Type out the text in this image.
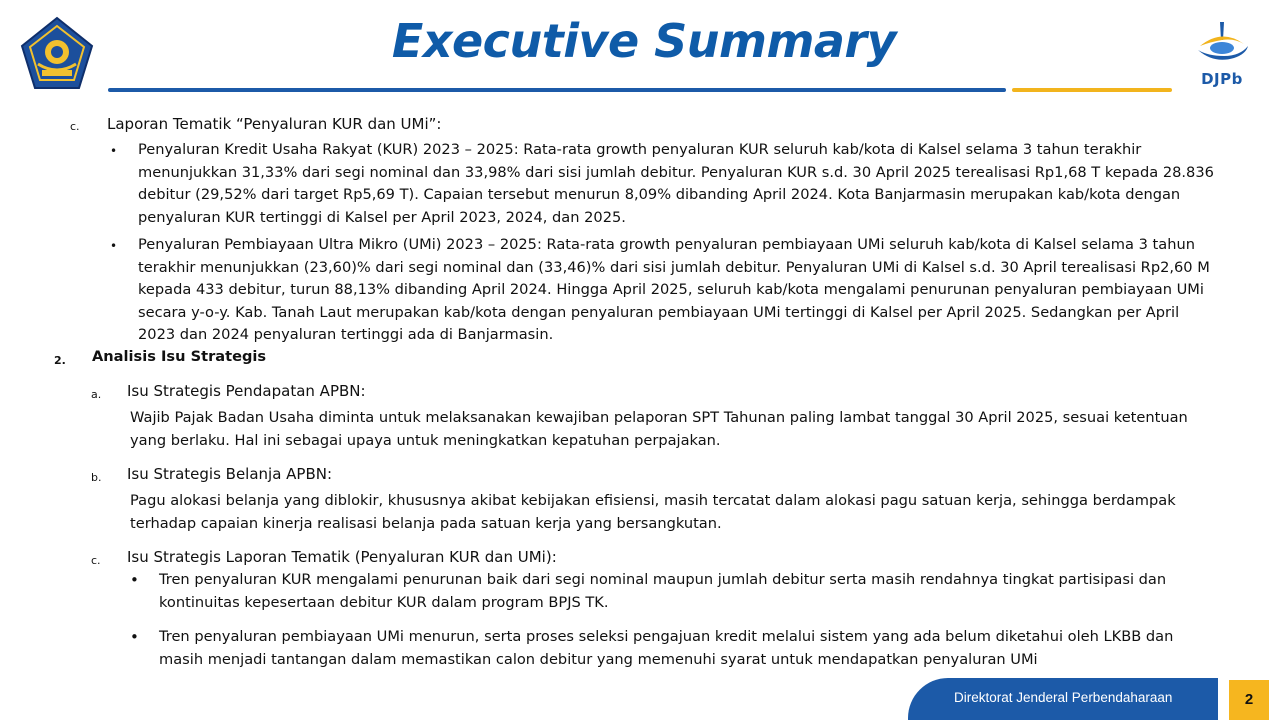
Executive Summary
DJPb
c. Laporan Tematik “Penyaluran KUR dan UMi”:
• Penyaluran Kredit Usaha Rakyat (KUR) 2023 – 2025: Rata-rata growth penyaluran KUR seluruh kab/kota di Kalsel selama 3 tahun terakhir
menunjukkan 31,33% dari segi nominal dan 33,98% dari sisi jumlah debitur. Penyaluran KUR s.d. 30 April 2025 terealisasi Rp1,68 T kepada 28.836
debitur (29,52% dari target Rp5,69 T). Capaian tersebut menurun 8,09% dibanding April 2024. Kota Banjarmasin merupakan kab/kota dengan
penyaluran KUR tertinggi di Kalsel per April 2023, 2024, dan 2025.
• Penyaluran Pembiayaan Ultra Mikro (UMi) 2023 – 2025: Rata-rata growth penyaluran pembiayaan UMi seluruh kab/kota di Kalsel selama 3 tahun
terakhir menunjukkan (23,60)% dari segi nominal dan (33,46)% dari sisi jumlah debitur. Penyaluran UMi di Kalsel s.d. 30 April terealisasi Rp2,60 M
kepada 433 debitur, turun 88,13% dibanding April 2024. Hingga April 2025, seluruh kab/kota mengalami penurunan penyaluran pembiayaan UMi
secara y-o-y. Kab. Tanah Laut merupakan kab/kota dengan penyaluran pembiayaan UMi tertinggi di Kalsel per April 2025. Sedangkan per April
2023 dan 2024 penyaluran tertinggi ada di Banjarmasin.
2. Analisis Isu Strategis
a. Isu Strategis Pendapatan APBN:
Wajib Pajak Badan Usaha diminta untuk melaksanakan kewajiban pelaporan SPT Tahunan paling lambat tanggal 30 April 2025, sesuai ketentuan
yang berlaku. Hal ini sebagai upaya untuk meningkatkan kepatuhan perpajakan.
b. Isu Strategis Belanja APBN:
Pagu alokasi belanja yang diblokir, khususnya akibat kebijakan efisiensi, masih tercatat dalam alokasi pagu satuan kerja, sehingga berdampak
terhadap capaian kinerja realisasi belanja pada satuan kerja yang bersangkutan.
c. Isu Strategis Laporan Tematik (Penyaluran KUR dan UMi):
• Tren penyaluran KUR mengalami penurunan baik dari segi nominal maupun jumlah debitur serta masih rendahnya tingkat partisipasi dan
kontinuitas kepesertaan debitur KUR dalam program BPJS TK.
• Tren penyaluran pembiayaan UMi menurun, serta proses seleksi pengajuan kredit melalui sistem yang ada belum diketahui oleh LKBB dan
masih menjadi tantangan dalam memastikan calon debitur yang memenuhi syarat untuk mendapatkan penyaluran UMi
Direktorat Jenderal Perbendaharaan	2
